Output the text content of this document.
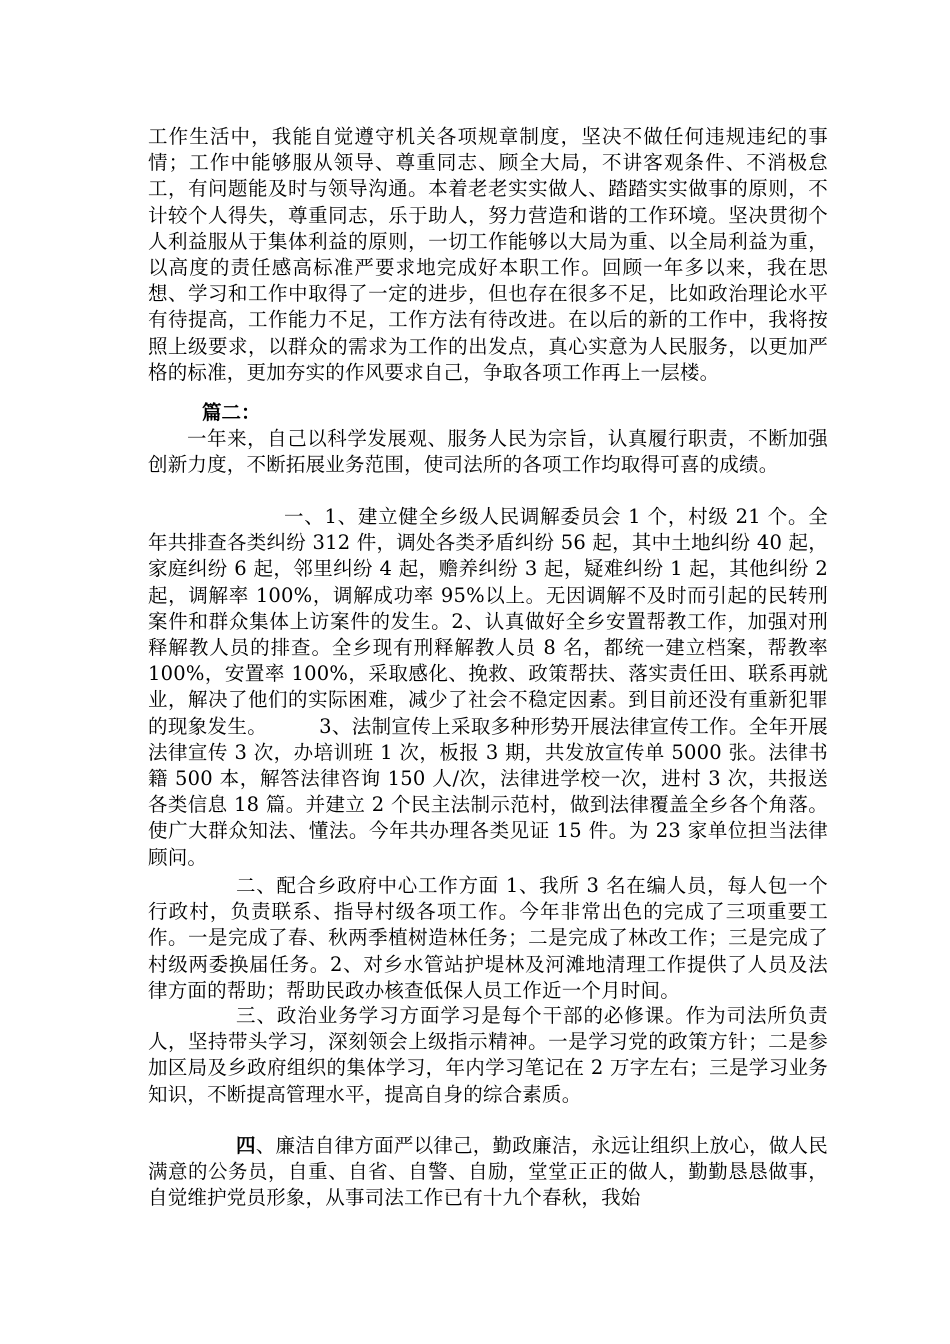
工作生活中，我能自觉遵守机关各项规章制度，坚决不做任何违规违纪的事情；工作中能够服从领导、尊重同志、顾全大局，不讲客观条件、不消极怠工，有问题能及时与领导沟通。本着老老实实做人、踏踏实实做事的原则，不计较个人得失，尊重同志，乐于助人，努力营造和谐的工作环境。坚决贯彻个人利益服从于集体利益的原则，一切工作能够以大局为重、以全局利益为重，以高度的责任感高标准严要求地完成好本职工作。回顾一年多以来，我在思想、学习和工作中取得了一定的进步，但也存在很多不足，比如政治理论水平有待提高，工作能力不足，工作方法有待改进。在以后的新的工作中，我将按照上级要求，以群众的需求为工作的出发点，真心实意为人民服务，以更加严格的标准，更加夯实的作风要求自己，争取各项工作再上一层楼。
篇二：
一年来，自己以科学发展观、服务人民为宗旨，认真履行职责，不断加强创新力度，不断拓展业务范围，使司法所的各项工作均取得可喜的成绩。
一、1、建立健全乡级人民调解委员会 1 个，村级 21 个。全年共排查各类纠纷 312 件，调处各类矛盾纠纷 56 起，其中土地纠纷 40 起，家庭纠纷 6 起，邻里纠纷 4 起，赡养纠纷 3 起，疑难纠纷 1 起，其他纠纷 2 起，调解率 100%，调解成功率 95%以上。无因调解不及时而引起的民转刑案件和群众集体上访案件的发生。2、认真做好全乡安置帮教工作，加强对刑释解教人员的排查。全乡现有刑释解教人员 8 名，都统一建立档案，帮教率 100%，安置率 100%，采取感化、挽救、政策帮扶、落实责任田、联系再就业，解决了他们的实际困难，减少了社会不稳定因素。到目前还没有重新犯罪的现象发生。	3、法制宣传上采取多种形势开展法律宣传工作。全年开展法律宣传 3 次，办培训班 1 次，板报 3 期，共发放宣传单 5000 张。法律书籍 500 本，解答法律咨询 150 人/次，法律进学校一次，进村 3 次，共报送各类信息 18 篇。并建立 2 个民主法制示范村，做到法律覆盖全乡各个角落。使广大群众知法、懂法。今年共办理各类见证 15 件。为 23 家单位担当法律顾问。
二、配合乡政府中心工作方面 1、我所 3 名在编人员，每人包一个行政村，负责联系、指导村级各项工作。今年非常出色的完成了三项重要工作。一是完成了春、秋两季植树造林任务；二是完成了林改工作；三是完成了村级两委换届任务。2、对乡水管站护堤林及河滩地清理工作提供了人员及法律方面的帮助；帮助民政办核查低保人员工作近一个月时间。
三、政治业务学习方面学习是每个干部的必修课。作为司法所负责人，坚持带头学习，深刻领会上级指示精神。一是学习党的政策方针；二是参加区局及乡政府组织的集体学习，年内学习笔记在 2 万字左右；三是学习业务知识，不断提高管理水平，提高自身的综合素质。
四、廉洁自律方面严以律己，勤政廉洁，永远让组织上放心，做人民满意的公务员，自重、自省、自警、自励，堂堂正正的做人，勤勤恳恳做事，自觉维护党员形象，从事司法工作已有十九个春秋，我始
